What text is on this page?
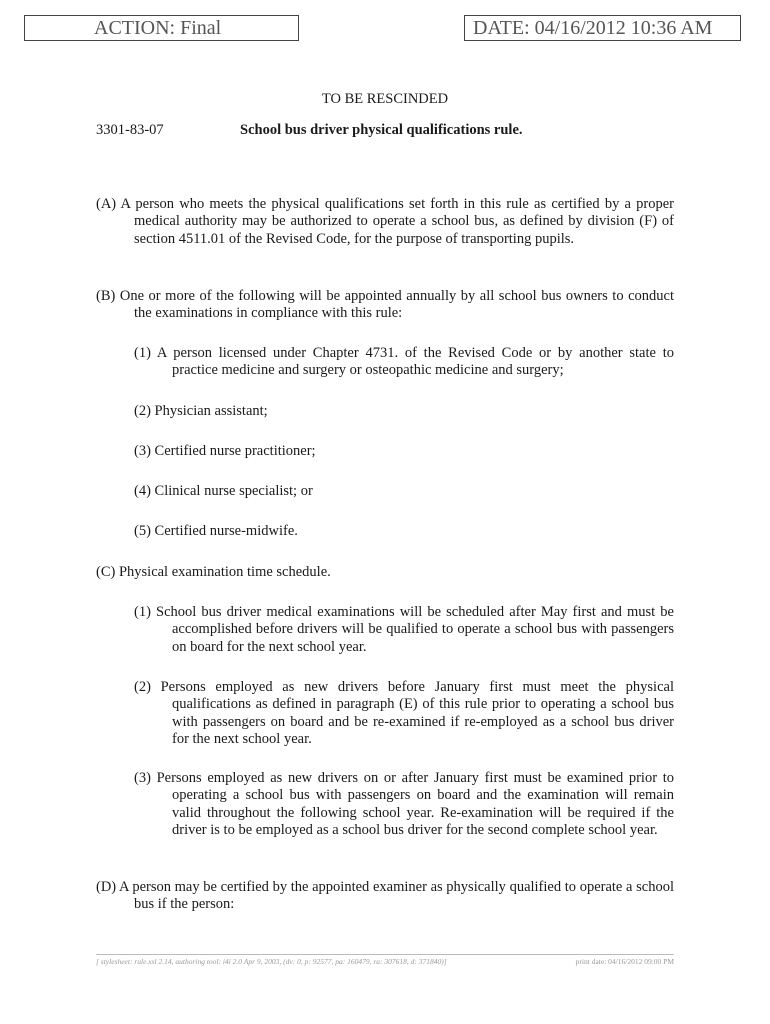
ACTION: Final	DATE: 04/16/2012 10:36 AM
TO BE RESCINDED
3301-83-07	School bus driver physical qualifications rule.
(A) A person who meets the physical qualifications set forth in this rule as certified by a proper medical authority may be authorized to operate a school bus, as defined by division (F) of section 4511.01 of the Revised Code, for the purpose of transporting pupils.
(B) One or more of the following will be appointed annually by all school bus owners to conduct the examinations in compliance with this rule:
(1) A person licensed under Chapter 4731. of the Revised Code or by another state to practice medicine and surgery or osteopathic medicine and surgery;
(2) Physician assistant;
(3) Certified nurse practitioner;
(4) Clinical nurse specialist; or
(5) Certified nurse-midwife.
(C) Physical examination time schedule.
(1) School bus driver medical examinations will be scheduled after May first and must be accomplished before drivers will be qualified to operate a school bus with passengers on board for the next school year.
(2) Persons employed as new drivers before January first must meet the physical qualifications as defined in paragraph (E) of this rule prior to operating a school bus with passengers on board and be re-examined if re-employed as a school bus driver for the next school year.
(3) Persons employed as new drivers on or after January first must be examined prior to operating a school bus with passengers on board and the examination will remain valid throughout the following school year. Re-examination will be required if the driver is to be employed as a school bus driver for the second complete school year.
(D) A person may be certified by the appointed examiner as physically qualified to operate a school bus if the person:
[ stylesheet: rule.xsl 2.14, authoring tool: i4i 2.0 Apr 9, 2003, (dv: 0, p: 92577, pa: 160479, ra: 307618, d: 371840)]	print date: 04/16/2012 09:00 PM
